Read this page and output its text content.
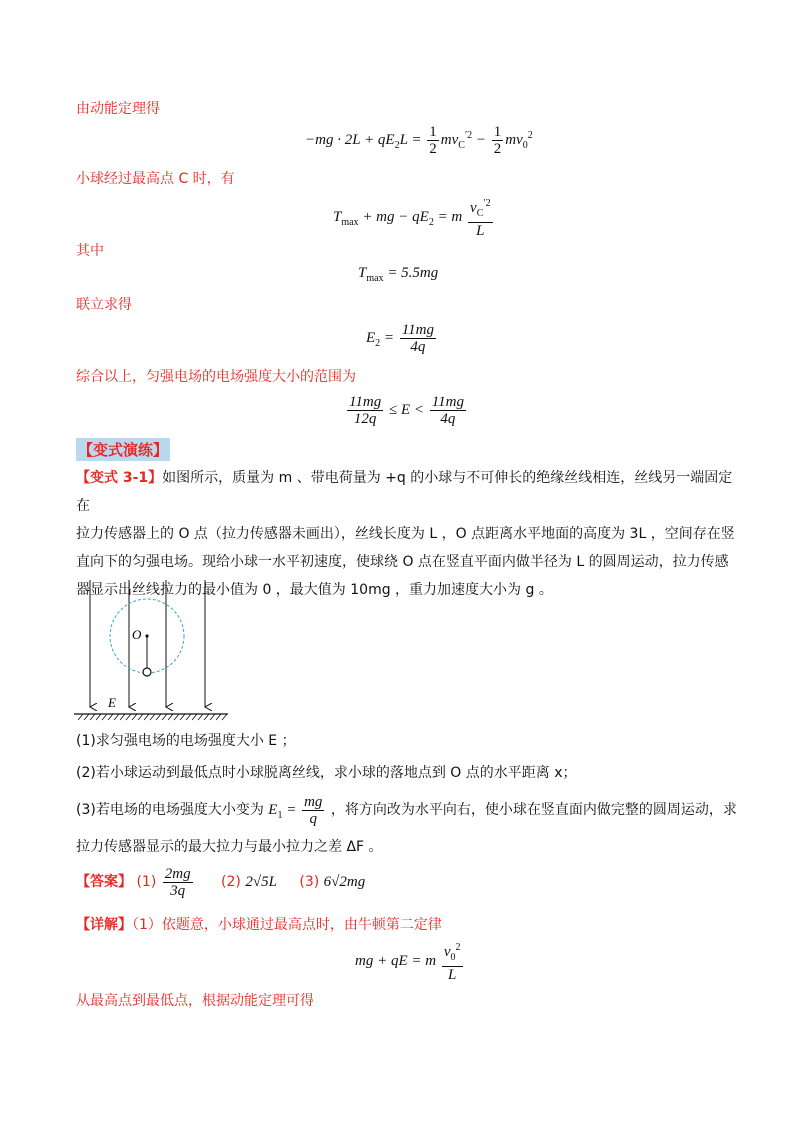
由动能定理得
$-mg \cdot 2L + qE_2L = \frac{1}{2} mv_C^{'2} - \frac{1}{2} mv_0^2$
小球经过最高点 C 时，有
$T_{max}$ + mg − $qE_2 = m \frac{v_C^{'2}}{L}$
其中
$T_{max} = 5.5mg$
联立求得
$E_2 = \frac{11mg}{4q}$
综合以上，匀强电场的电场强度大小的范围为
$\frac{11mg}{12q} \le E < \frac{11mg}{4q}$
【变式演练】
【变式 3-1】如图所示，质量为 m 、带电荷量为 +q 的小球与不可伸长的绝缘丝线相连，丝线另一端固定在
拉力传感器上的 O 点（拉力传感器未画出），丝线长度为 L ，O 点距离水平地面的高度为 3L ，空间存在竖
直向下的匀强电场。现给小球一水平初速度，使球绕 O 点在竖直平面内做半径为 L 的圆周运动，拉力传感
器显示出丝线拉力的最小值为 0 ，最大值为 10mg ，重力加速度大小为 g 。
O
E
(1)求匀强电场的电场强度大小 E ；
(2)若小球运动到最低点时小球脱离丝线，求小球的落地点到 O 点的水平距离 x；
(3)若电场的电场强度大小变为 $E_1 = \frac{mg}{q}$ ，将方向改为水平向右，使小球在竖直面内做完整的圆周运动，求
拉力传感器显示的最大拉力与最小拉力之差 ΔF 。
【答案】 $(1) \frac{2mg}{3q} (2)$ 2√5L (3) 6√2mg
【详解】（1）依题意，小球通过最高点时，由牛顿第二定律
mg + qE = m $\frac{v_0^2}{L}$
从最高点到最低点，根据动能定理可得
